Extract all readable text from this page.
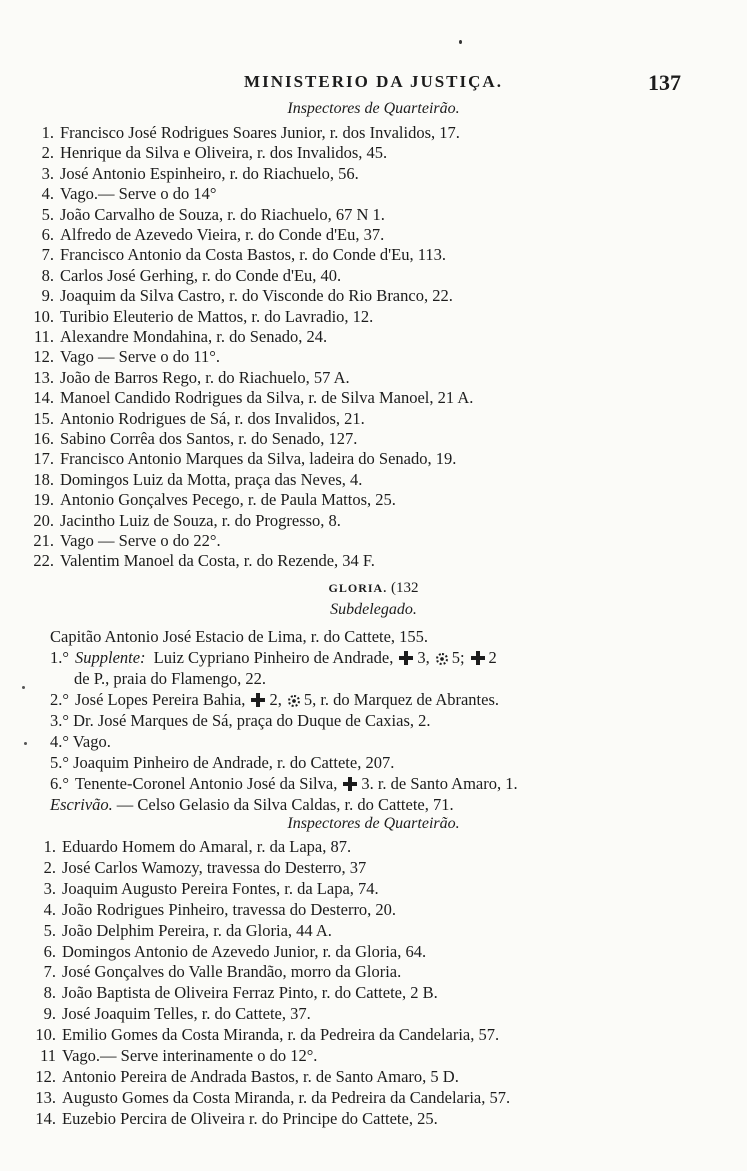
MINISTERIO DA JUSTIÇA.	137
Inspectores de Quarteirão.
1. Francisco José Rodrigues Soares Junior, r. dos Invalidos, 17.
2. Henrique da Silva e Oliveira, r. dos Invalidos, 45.
3. José Antonio Espinheiro, r. do Riachuelo, 56.
4. Vago.— Serve o do 14°
5. João Carvalho de Souza, r. do Riachuelo, 67 N 1.
6. Alfredo de Azevedo Vieira, r. do Conde d'Eu, 37.
7. Francisco Antonio da Costa Bastos, r. do Conde d'Eu, 113.
8. Carlos José Gerhing, r. do Conde d'Eu, 40.
9. Joaquim da Silva Castro, r. do Visconde do Rio Branco, 22.
10. Turibio Eleuterio de Mattos, r. do Lavradio, 12.
11. Alexandre Mondahina, r. do Senado, 24.
12. Vago — Serve o do 11°.
13. João de Barros Rego, r. do Riachuelo, 57 A.
14. Manoel Candido Rodrigues da Silva, r. de Silva Manoel, 21 A.
15. Antonio Rodrigues de Sá, r. dos Invalidos, 21.
16. Sabino Corrêa dos Santos, r. do Senado, 127.
17. Francisco Antonio Marques da Silva, ladeira do Senado, 19.
18. Domingos Luiz da Motta, praça das Neves, 4.
19. Antonio Gonçalves Pecego, r. de Paula Mattos, 25.
20. Jacintho Luiz de Souza, r. do Progresso, 8.
21. Vago — Serve o do 22°.
22. Valentim Manoel da Costa, r. do Rezende, 34 F.
GLORIA. (132
Subdelegado.
Capitão Antonio José Estacio de Lima, r. do Cattete, 155.
1.° Supplente: Luiz Cypriano Pinheiro de Andrade, 3, 5; 2
de P., praia do Flamengo, 22.
2.° José Lopes Pereira Bahia, 2, 5, r. do Marquez de Abrantes.
3.° Dr. José Marques de Sá, praça do Duque de Caxias, 2.
4.° Vago.
5.° Joaquim Pinheiro de Andrade, r. do Cattete, 207.
6.° Tenente-Coronel Antonio José da Silva, 3. r. de Santo Amaro, 1.
Escrivão. — Celso Gelasio da Silva Caldas, r. do Cattete, 71.
Inspectores de Quarteirão.
1. Eduardo Homem do Amaral, r. da Lapa, 87.
2. José Carlos Wamozy, travessa do Desterro, 37
3. Joaquim Augusto Pereira Fontes, r. da Lapa, 74.
4. João Rodrigues Pinheiro, travessa do Desterro, 20.
5. João Delphim Pereira, r. da Gloria, 44 A.
6. Domingos Antonio de Azevedo Junior, r. da Gloria, 64.
7. José Gonçalves do Valle Brandão, morro da Gloria.
8. João Baptista de Oliveira Ferraz Pinto, r. do Cattete, 2 B.
9. José Joaquim Telles, r. do Cattete, 37.
10. Emilio Gomes da Costa Miranda, r. da Pedreira da Candelaria, 57.
11 Vago.— Serve interinamente o do 12°.
12. Antonio Pereira de Andrada Bastos, r. de Santo Amaro, 5 D.
13. Augusto Gomes da Costa Miranda, r. da Pedreira da Candelaria, 57.
14. Euzebio Percira de Oliveira r. do Principe do Cattete, 25.
